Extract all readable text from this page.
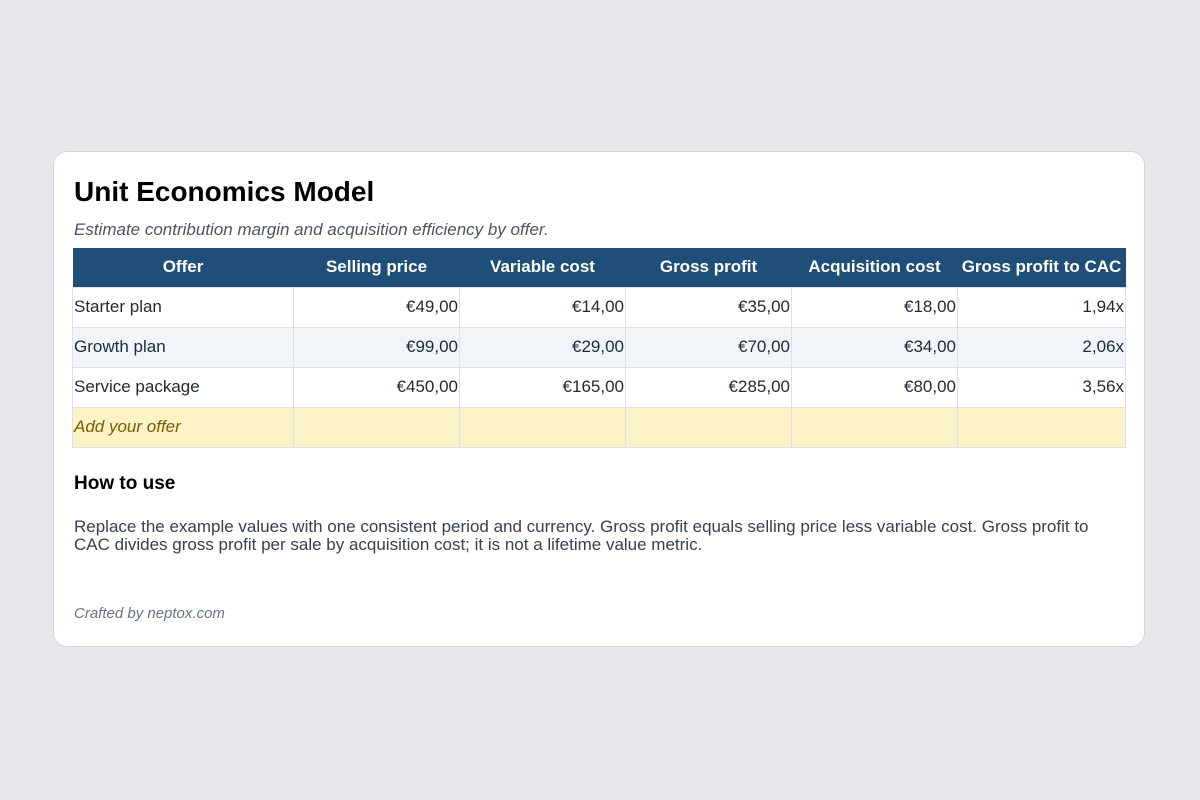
Unit Economics Model

Estimate contribution margin and acquisition efficiency by offer.

Offer	Selling price	Variable cost	Gross profit	Acquisition cost	Gross profit to CAC
Starter plan	€49,00	€14,00	€35,00	€18,00	1,94x
Growth plan	€99,00	€29,00	€70,00	€34,00	2,06x
Service package	€450,00	€165,00	€285,00	€80,00	3,56x
Add your offer					
How to use

Replace the example values with one consistent period and currency. Gross profit equals selling price less variable cost. Gross profit to CAC divides gross profit per sale by acquisition cost; it is not a lifetime value metric.

Crafted by neptox.com
